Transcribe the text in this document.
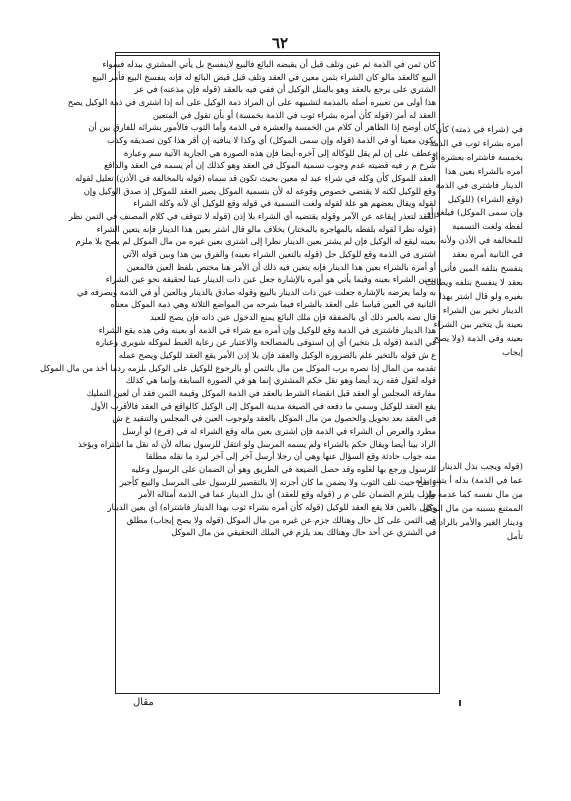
٦٢
كان ثمن في الذمة ثم عين وتلف قبل أن يقبضه البائع فالبيع لاينفسخ بل يأتي المشتري ببدله فسواء
البيع كالعقد مالو كان الشراء بثمن معين في العقد وتلف قبل قبض البائع له فإنه ينفسخ البيع فأمر البيع
الشتري على يرجع بالعقد وهو بالمثل الوكيل أن ففي فيه بالعقد (قوله فإن مذعنه) في عز
هذا أولى من تعبيره أصله بالمذمة لتشبيهه على أن المراد ذمة الوكيل على أنه إذا اشترى في ذمة الوكيل يصح
العقد له أمر (قوله كأن أمره بشراء ثوب في الذمة بخمسة) أو بأن تقول في المتعين
كان أوضح إذا الظاهر أن كلام من الخمسة والعشرة في الذمة وأما الثوب فالأمور بشرائه للفارق بين أن
يكون معينا أو في الذمة (قوله وإن سمى الموكل) أي وكذا لا ينافيه إن أقر هذا كون تصديقه وكذب
وعطف على إن لم يقل للوكالة إلى آخره أيضا فإن هذه الصورة هي الجارية الآتية سم وعبارة
شرح م ر فيه قضيته عدم وجوب تسمية الموكل في العقد وهو كذلك إن أم يسمه في العقد والدافع
العقد للموكل كأن وكله في شراء عبد له معين بحيث تكون قد سماه (قوله بالمخالفة في الأذن) تعليل لقوله
وقع للوكيل لكنه لا يقتضي خصوص وقوعه له لأن بتسمية الموكل يصير العقد للموكل إذ صدق الوكيل وإن
لقوله ويقال بعضهم هو علة لقوله ولغت التسمية في قوله وقع للوكيل أي لأنه وكله الشراء
العقد لتعذر إيقاعه عن الآمر وقوله يقتضيه أي الشراء بلا إذن (قوله لا تتوقف في كلام المصنف في التمن نظر
(قوله نظرا لقوله بلفظه بالمهاجرة بالمختار) بخلاف مالو قال اشتر بعين هذا الدينار فإنه يتعين الشراء
بعينه ليقع له الوكيل فإن لم يشتر بعين الدينار نظرا إلى اشترى بعين غيره من مال الموكل لم يصح بلا ملزم
اشترى في الذمة وقع للوكيل حل (قوله بالتعين الشراء بعينه) والفرق بين هذا وبين قوله الآتي
أو أمره بالشراء بعين هذا الدينار فإنه يتعين فيه ذلك أن الأمر هنا مختص بلفظ العين فالمعين
يتعين الشراء بعينه وفيما يأتي هو أمره بالإشارة جعل عين ذات الدينار عينا لحقيقة نحو عين الشراء
به ولما يعرضه بالإشارة جعلت عين ذات الدينار بالبيع وقوله صادق بالدينار وبالعين أو في الذمة وبصرفه في
الثانية في العين قياسا على العقد بالشراء فيما شرحه من المواضع الثلاثة وهي ذمة الموكل معناه
قال نصه بالعبر ذلك أي بالصفقة فإن ملك البائع يمنع الدخول عين ذاته فإن يصح للعبد
هذا الدينار فاشترى في الذمة وقع للوكيل وإن أمره مع شراء في الذمة أو بعينه وفي هذه يقع الشراء
في الذمة (قوله بل بتخير) أي إن استوفى بالمصالحة والاعتبار عن رعاية الغبط لموكله شوبري وعبارة
ع ش قوله بالتخير علم بالضرورة الوكيل والعقد فإن بلا إذن الأمر يقع العقد للوكيل ويصح عمله
تقدمه من المال إذا نصره برب الموكل من مال بالثمن أو بالرجوع للوكيل على الوكيل بلزمه ردما أخذ من مال الموكل
قوله لقول فقه زيد أيضا وهو نقل حكم المشتري إنما هو في الصورة السابقة وإنما هي كذلك
مفارقة المجلس أو العقد قبل انقضاء الشرط بالعقد في الذمة الموكل وقيمة الثمن فقد أن لعين التمليك
يقع العقد للوكيل وسمي ما دفعه في الصيغة مدينة الموكل إلى الوكيل كالواقع في العقد فالأقرب الأول
في العقد بعد تحويل والحصول من مال الموكل بالعقد ولوجوب العين في المجلس والتنقيد ع ش
مطرد والعرض أن الشراء في الذمة فإن اشترى بعين ماله وقع الشراء له في (فرع) لو أرسل
الراد بينا أيضا ويقال حكم بالشراء ولم يسمه المرسل ولو انتقل للرسول بماله لأن له نقل ما اشتراه وبؤخذ
منه جواب حادثة وقع السؤال عنها وهي أن رجلا أرسل آخر إلى آخر ليرد ما نقله مطلقا
للرسول ورجع بها لغلوه وقد حصل الضيعة في الطريق وهو أن الضمان على الرسول وعليه
واضح حيث تلف الثوب ولا يضمن ما كان أجرته إلا بالتقصير للرسول على المرسل والبيع كأجير
طرب يلتزم الضمان على م ر (قوله وقع للعقد) أي بذل الدينار عما في الذمة أمثاله الأمر
وكيل بالعين فلا يقع العقد للوكيل (قوله كأن أمره بشراء ثوب بهذا الدينار فاشتراه) أي بعين الدينار
في الثمن على كل حال وهنالك جزم عن غيره من مال الموكل (قوله ولا يصح إيجاب) مطلق
في الشتري عن أحد حال وهنالك بعد يلزم في الملك التحقيقي من مال الموكل
في (شراء في ذمته) كأن
أمره بشراء ثوب في الذمة
بخمسة فاشتراه بعشرة أو
أمره بالشراء بعين هذا
الدينار فاشترى في الذمة
(وقع الشراء) (للوكيل
وإن سمى الموكل) فيلغو أو
لفظه ولغت التسمية
للمخالفة في الأذن ولأنه
في الثانية أمره بعقد
ينفسخ بتلفه المين فأتى
بعقد لا ينفسخ بتلفه ويطالب
بغيره ولو قال اشتر بهذا
الدينار تخير بين الشراء
بعينه بل يتخير بين الشراء
بعينه وفي الذمة (ولا يصح
إيجاب
(قوله ويجب بذل الدينار
عما في الذمة) بدله أ يتبنه بذله
من مال نفسه كما عدمه وإذا
الممتنع بسببه من مال الوكل
ودينار الغير والأمر بالراد به
تأمل
مقال
